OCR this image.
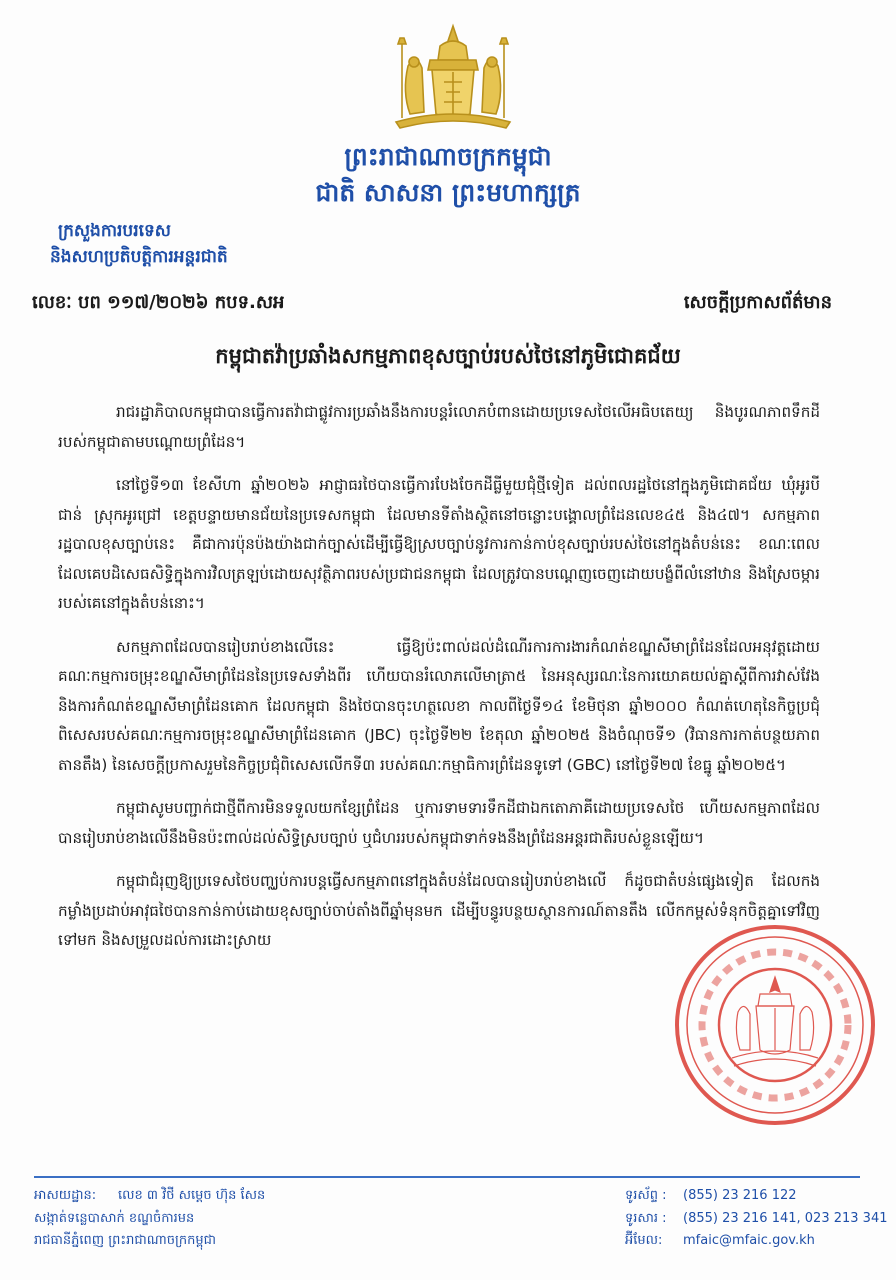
ព្រះរាជាណាចក្រកម្ពុជា
ជាតិ សាសនា ព្រះមហាក្សត្រ
ក្រសួងការបរទេស
និងសហប្រតិបត្តិការអន្តរជាតិ
លេខៈ បព ១១៧/២០២៦ កបទ.សអ	សេចក្តីប្រកាសព័ត៌មាន
កម្ពុជាតវ៉ាប្រឆាំងសកម្មភាពខុសច្បាប់របស់ថៃនៅភូមិជោគជ័យ

រាជរដ្ឋាភិបាលកម្ពុជាបានធ្វើការតវ៉ាជាផ្លូវការប្រឆាំងនឹងការបន្តរំលោភបំពានដោយប្រទេសថៃលើអធិបតេយ្យ និងបូរណភាពទឹកដីរបស់កម្ពុជាតាមបណ្តោយព្រំដែន។

នៅថ្ងៃទី១៣ ខែសីហា ឆ្នាំ២០២៦ អាជ្ញាធរថៃបានធ្វើការបែងចែកដីធ្លីមួយជុំថ្មីទៀត ដល់ពលរដ្ឋថៃនៅក្នុងភូមិជោគជ័យ ឃុំអូរបីជាន់ ស្រុកអូរជ្រៅ ខេត្តបន្ទាយមានជ័យនៃប្រទេសកម្ពុជា ដែលមានទីតាំងស្ថិតនៅចន្លោះបង្គោលព្រំដែនលេខ៤៥ និង៤៧។ សកម្មភាពរដ្ឋបាលខុសច្បាប់នេះ គឺជាការប៉ុនប៉ងយ៉ាងជាក់ច្បាស់ដើម្បីធ្វើឱ្យស្របច្បាប់នូវការកាន់កាប់ខុសច្បាប់របស់ថៃនៅក្នុងតំបន់នេះ ខណៈពេលដែលគេបដិសេធសិទ្ធិក្នុងការវិលត្រឡប់ដោយសុវត្ថិភាពរបស់ប្រជាជនកម្ពុជា ដែលត្រូវបានបណ្តេញចេញដោយបង្ខំពីលំនៅឋាន និងស្រែចម្ការរបស់គេនៅក្នុងតំបន់នោះ។

សកម្មភាពដែលបានរៀបរាប់ខាងលើនេះ ធ្វើឱ្យប៉ះពាល់ដល់ដំណើរការការងារកំណត់ខណ្ឌសីមាព្រំដែនដែលអនុវត្តដោយគណៈកម្មការចម្រុះខណ្ឌសីមាព្រំដែននៃប្រទេសទាំងពីរ ហើយបានរំលោភលើមាត្រា៥ នៃអនុស្សរណៈនៃការយោគយល់គ្នាស្តីពីការវាស់វែង និងការកំណត់ខណ្ឌសីមាព្រំដែនគោក ដែលកម្ពុជា និងថៃបានចុះហត្ថលេខា កាលពីថ្ងៃទី១៤ ខែមិថុនា ឆ្នាំ២០០០ កំណត់ហេតុនៃកិច្ចប្រជុំពិសេសរបស់គណៈកម្មការចម្រុះខណ្ឌសីមាព្រំដែនគោក (JBC) ចុះថ្ងៃទី២២ ខែតុលា ឆ្នាំ២០២៥ និងចំណុចទី១ (វិធានការកាត់បន្ថយភាពតានតឹង) នៃសេចក្តីប្រកាសរួមនៃកិច្ចប្រជុំពិសេសលើកទី៣ របស់គណៈកម្មាធិការព្រំដែនទូទៅ (GBC) នៅថ្ងៃទី២៧ ខែធ្នូ ឆ្នាំ២០២៥។

កម្ពុជាសូមបញ្ជាក់ជាថ្មីពីការមិនទទួលយកខ្សែព្រំដែន ឬការទាមទារទឹកដីជាឯកតោភាគីដោយប្រទេសថៃ ហើយសកម្មភាពដែលបានរៀបរាប់ខាងលើនឹងមិនប៉ះពាល់ដល់សិទ្ធិស្របច្បាប់ ឬជំហររបស់កម្ពុជាទាក់ទងនឹងព្រំដែនអន្តរជាតិរបស់ខ្លួនឡើយ។

កម្ពុជាជំរុញឱ្យប្រទេសថៃបញ្ឈប់ការបន្តធ្វើសកម្មភាពនៅក្នុងតំបន់ដែលបានរៀបរាប់ខាងលើ ក៏ដូចជាតំបន់ផ្សេងទៀត ដែលកងកម្លាំងប្រដាប់អាវុធថៃបានកាន់កាប់ដោយខុសច្បាប់ចាប់តាំងពីឆ្នាំមុនមក ដើម្បីបន្ធូរបន្ថយស្ថានការណ៍តានតឹង លើកកម្ពស់ទំនុកចិត្តគ្នាទៅវិញទៅមក និងសម្រួលដល់ការដោះស្រាយ

អាសយដ្ឋាន: លេខ ៣ វិថី សម្តេច ហ៊ុន សែន
សង្កាត់ទន្លេបាសាក់ ខណ្ឌចំការមន
រាជធានីភ្នំពេញ ព្រះរាជាណាចក្រកម្ពុជា
ទូរស័ព្ទ : (855) 23 216 122
ទូរសារ : (855) 23 216 141, 023 213 341
អ៊ីមែល: mfaic@mfaic.gov.kh
